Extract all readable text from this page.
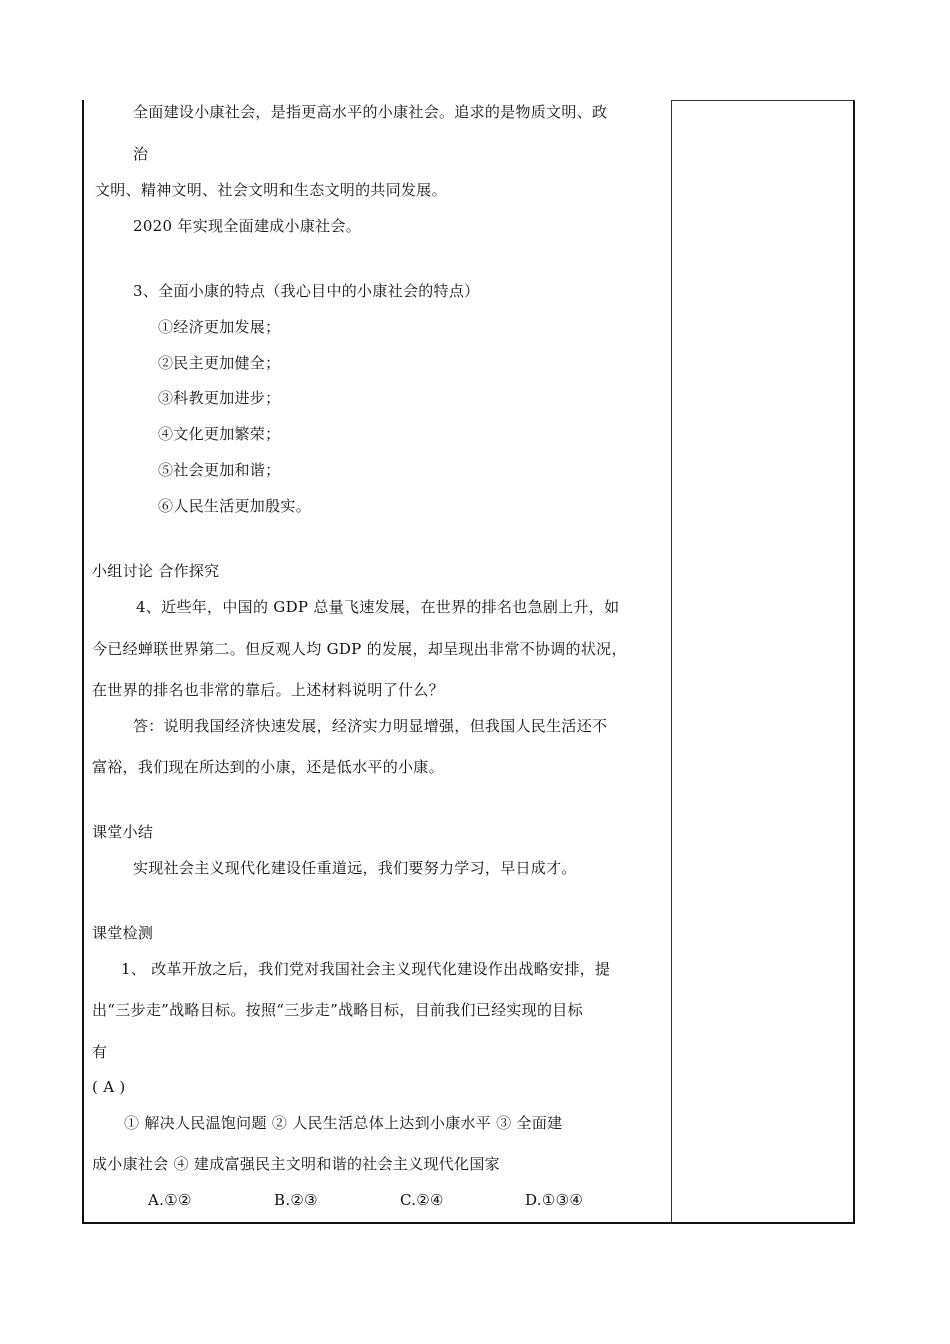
全面建设小康社会，是指更高水平的小康社会。追求的是物质文明、政
治
文明、精神文明、社会文明和生态文明的共同发展。
2020 年实现全面建成小康社会。
3、全面小康的特点（我心目中的小康社会的特点）
①经济更加发展；
②民主更加健全；
③科教更加进步；
④文化更加繁荣；
⑤社会更加和谐；
⑥人民生活更加殷实。
小组讨论 合作探究
4、近些年，中国的 GDP 总量飞速发展，在世界的排名也急剧上升，如
今已经蝉联世界第二。但反观人均 GDP 的发展，却呈现出非常不协调的状况，
在世界的排名也非常的靠后。上述材料说明了什么？
答：说明我国经济快速发展，经济实力明显增强，但我国人民生活还不
富裕，我们现在所达到的小康，还是低水平的小康。
课堂小结
实现社会主义现代化建设任重道远，我们要努力学习，早日成才。
课堂检测
1、 改革开放之后，我们党对我国社会主义现代化建设作出战略安排，提
出“三步走”战略目标。按照“三步走”战略目标，目前我们已经实现的目标
有
( A )
① 解决人民温饱问题 ② 人民生活总体上达到小康水平 ③ 全面建
成小康社会 ④ 建成富强民主文明和谐的社会主义现代化国家
A.①②	B.②③	C.②④	D.①③④
